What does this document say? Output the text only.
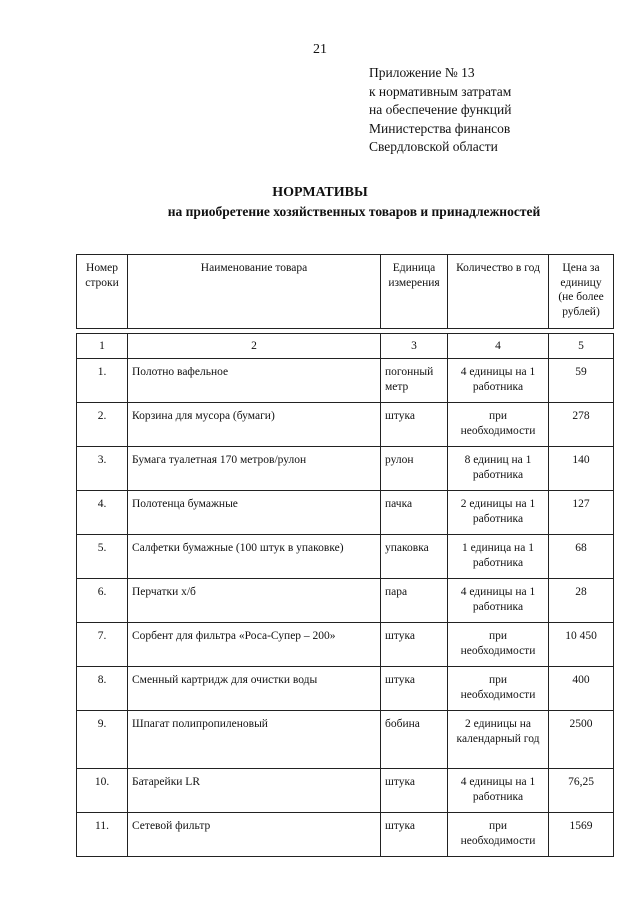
21
Приложение № 13
к нормативным затратам
на обеспечение функций
Министерства финансов
Свердловской области
НОРМАТИВЫ
на приобретение хозяйственных товаров и принадлежностей
Номер строки	Наименование товара	Единица измерения	Количество в год	Цена за единицу (не более рублей)

1	2	3	4	5
1.	Полотно вафельное	погонный метр	4 единицы на 1 работника	59
2.	Корзина для мусора (бумаги)	штука	при необходимости	278
3.	Бумага туалетная 170 метров/рулон	рулон	8 единиц на 1 работника	140
4.	Полотенца бумажные	пачка	2 единицы на 1 работника	127
5.	Салфетки бумажные (100 штук в упаковке)	упаковка	1 единица на 1 работника	68
6.	Перчатки х/б	пара	4 единицы на 1 работника	28
7.	Сорбент для фильтра «Роса-Супер – 200»	штука	при необходимости	10 450
8.	Сменный картридж для очистки воды	штука	при необходимости	400
9.	Шпагат полипропиленовый	бобина	2 единицы на календарный год	2500
10.	Батарейки LR	штука	4 единицы на 1 работника	76,25
11.	Сетевой фильтр	штука	при необходимости	1569
